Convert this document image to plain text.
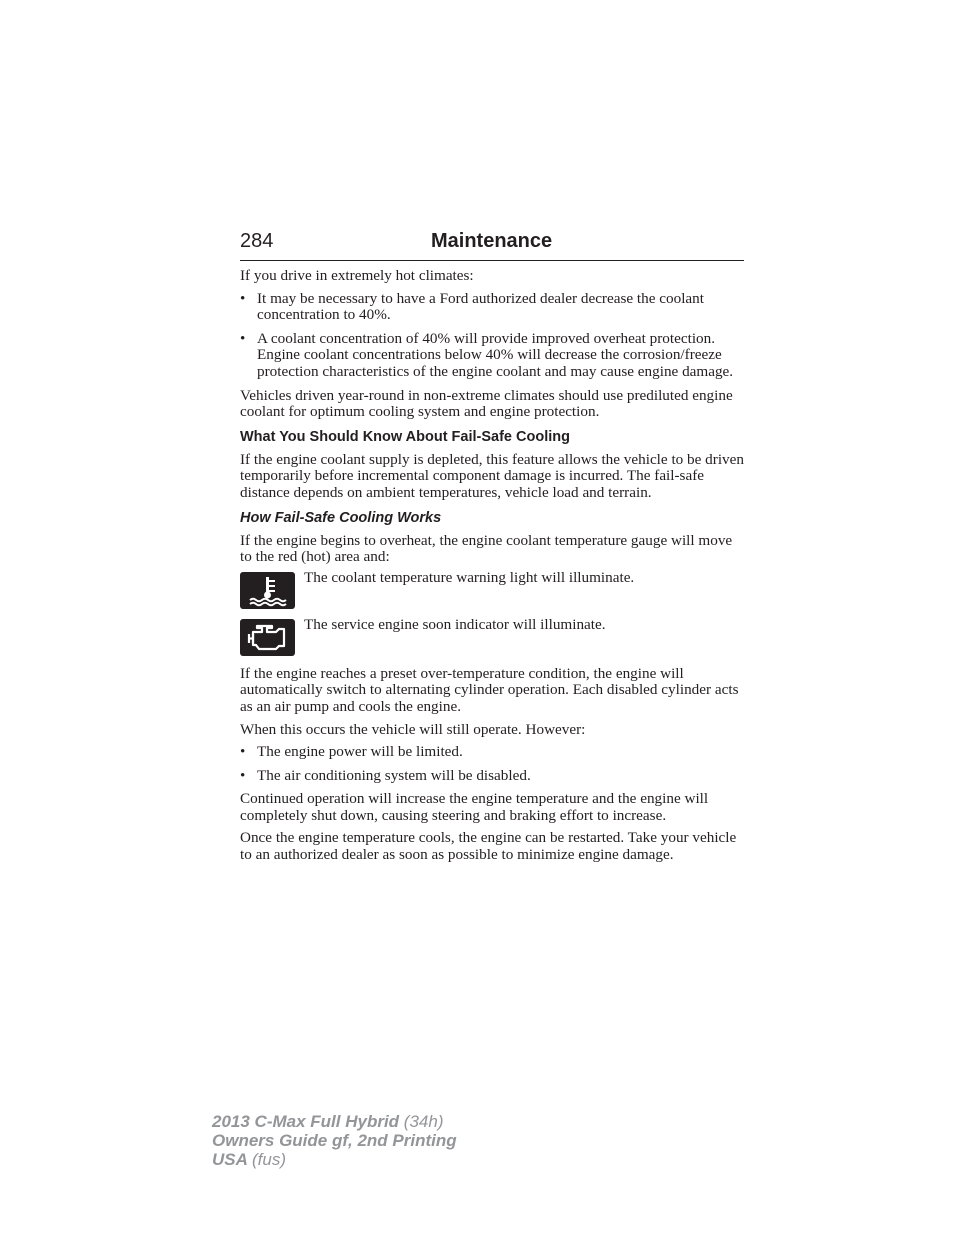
284	Maintenance

If you drive in extremely hot climates:

• It may be necessary to have a Ford authorized dealer decrease the coolant concentration to 40%.
• A coolant concentration of 40% will provide improved overheat protection. Engine coolant concentrations below 40% will decrease the corrosion/freeze protection characteristics of the engine coolant and may cause engine damage.

Vehicles driven year-round in non-extreme climates should use prediluted engine coolant for optimum cooling system and engine protection.

What You Should Know About Fail-Safe Cooling

If the engine coolant supply is depleted, this feature allows the vehicle to be driven temporarily before incremental component damage is incurred. The fail-safe distance depends on ambient temperatures, vehicle load and terrain.

How Fail-Safe Cooling Works

If the engine begins to overheat, the engine coolant temperature gauge will move to the red (hot) area and:

The coolant temperature warning light will illuminate.
The service engine soon indicator will illuminate.

If the engine reaches a preset over-temperature condition, the engine will automatically switch to alternating cylinder operation. Each disabled cylinder acts as an air pump and cools the engine.

When this occurs the vehicle will still operate. However:

• The engine power will be limited.
• The air conditioning system will be disabled.

Continued operation will increase the engine temperature and the engine will completely shut down, causing steering and braking effort to increase.

Once the engine temperature cools, the engine can be restarted. Take your vehicle to an authorized dealer as soon as possible to minimize engine damage.

2013 C-Max Full Hybrid (34h)
Owners Guide gf, 2nd Printing
USA (fus)
